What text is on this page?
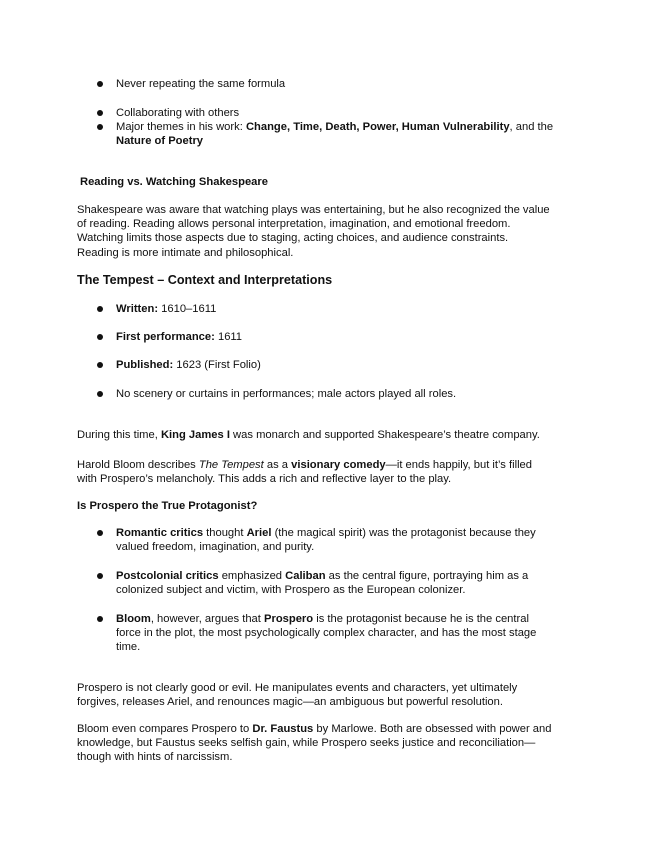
Never repeating the same formula
Collaborating with others
Major themes in his work: Change, Time, Death, Power, Human Vulnerability, and the
Nature of Poetry
Reading vs. Watching Shakespeare
Shakespeare was aware that watching plays was entertaining, but he also recognized the value
of reading. Reading allows personal interpretation, imagination, and emotional freedom.
Watching limits those aspects due to staging, acting choices, and audience constraints.
Reading is more intimate and philosophical.
The Tempest – Context and Interpretations
Written: 1610–1611
First performance: 1611
Published: 1623 (First Folio)
No scenery or curtains in performances; male actors played all roles.
During this time, King James I was monarch and supported Shakespeare’s theatre company.
Harold Bloom describes The Tempest as a visionary comedy—it ends happily, but it’s filled
with Prospero’s melancholy. This adds a rich and reflective layer to the play.
Is Prospero the True Protagonist?
Romantic critics thought Ariel (the magical spirit) was the protagonist because they
valued freedom, imagination, and purity.
Postcolonial critics emphasized Caliban as the central figure, portraying him as a
colonized subject and victim, with Prospero as the European colonizer.
Bloom, however, argues that Prospero is the protagonist because he is the central
force in the plot, the most psychologically complex character, and has the most stage
time.
Prospero is not clearly good or evil. He manipulates events and characters, yet ultimately
forgives, releases Ariel, and renounces magic—an ambiguous but powerful resolution.
Bloom even compares Prospero to Dr. Faustus by Marlowe. Both are obsessed with power and
knowledge, but Faustus seeks selfish gain, while Prospero seeks justice and reconciliation—
though with hints of narcissism.
